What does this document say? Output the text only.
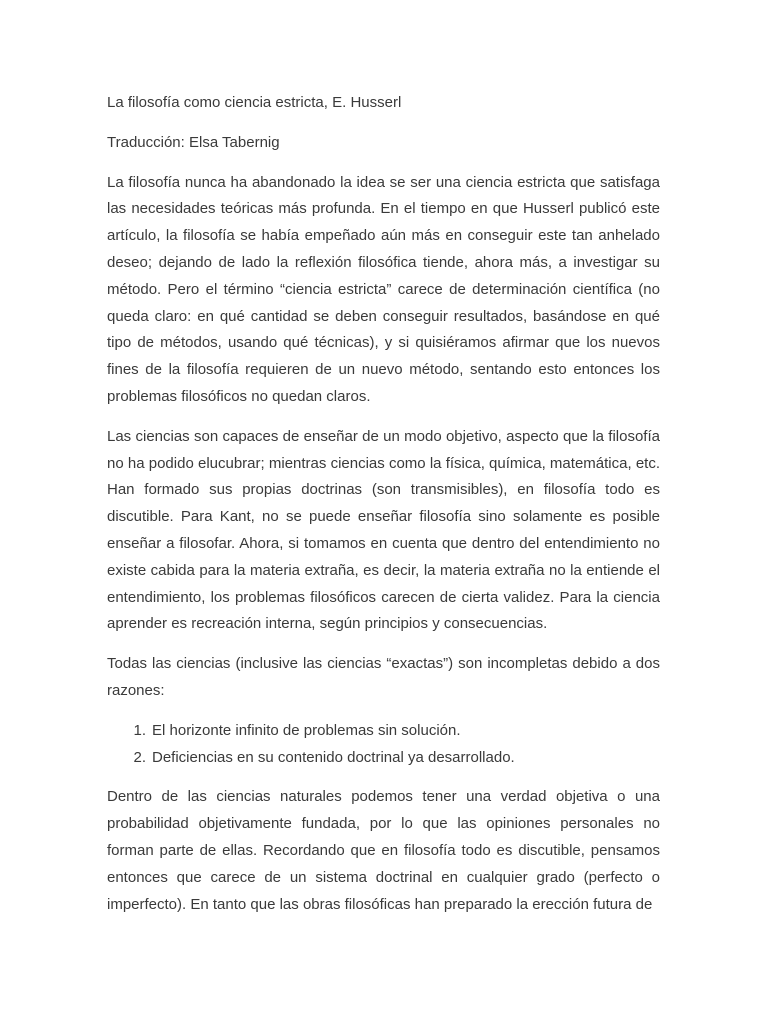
La filosofía como ciencia estricta, E. Husserl

Traducción: Elsa Tabernig

La filosofía nunca ha abandonado la idea se ser una ciencia estricta que satisfaga las necesidades teóricas más profunda. En el tiempo en que Husserl publicó este artículo, la filosofía se había empeñado aún más en conseguir este tan anhelado deseo; dejando de lado la reflexión filosófica tiende, ahora más, a investigar su método. Pero el término “ciencia estricta” carece de determinación científica (no queda claro: en qué cantidad se deben conseguir resultados, basándose en qué tipo de métodos, usando qué técnicas), y si quisiéramos afirmar que los nuevos fines de la filosofía requieren de un nuevo método, sentando esto entonces los problemas filosóficos no quedan claros.

Las ciencias son capaces de enseñar de un modo objetivo, aspecto que la filosofía no ha podido elucubrar; mientras ciencias como la física, química, matemática, etc. Han formado sus propias doctrinas (son transmisibles), en filosofía todo es discutible. Para Kant, no se puede enseñar filosofía sino solamente es posible enseñar a filosofar. Ahora, si tomamos en cuenta que dentro del entendimiento no existe cabida para la materia extraña, es decir, la materia extraña no la entiende el entendimiento, los problemas filosóficos carecen de cierta validez. Para la ciencia aprender es recreación interna, según principios y consecuencias.

Todas las ciencias (inclusive las ciencias “exactas”) son incompletas debido a dos razones:

1. El horizonte infinito de problemas sin solución.
2. Deficiencias en su contenido doctrinal ya desarrollado.

Dentro de las ciencias naturales podemos tener una verdad objetiva o una probabilidad objetivamente fundada, por lo que las opiniones personales no forman parte de ellas. Recordando que en filosofía todo es discutible, pensamos entonces que carece de un sistema doctrinal en cualquier grado (perfecto o imperfecto). En tanto que las obras filosóficas han preparado la erección futura de
